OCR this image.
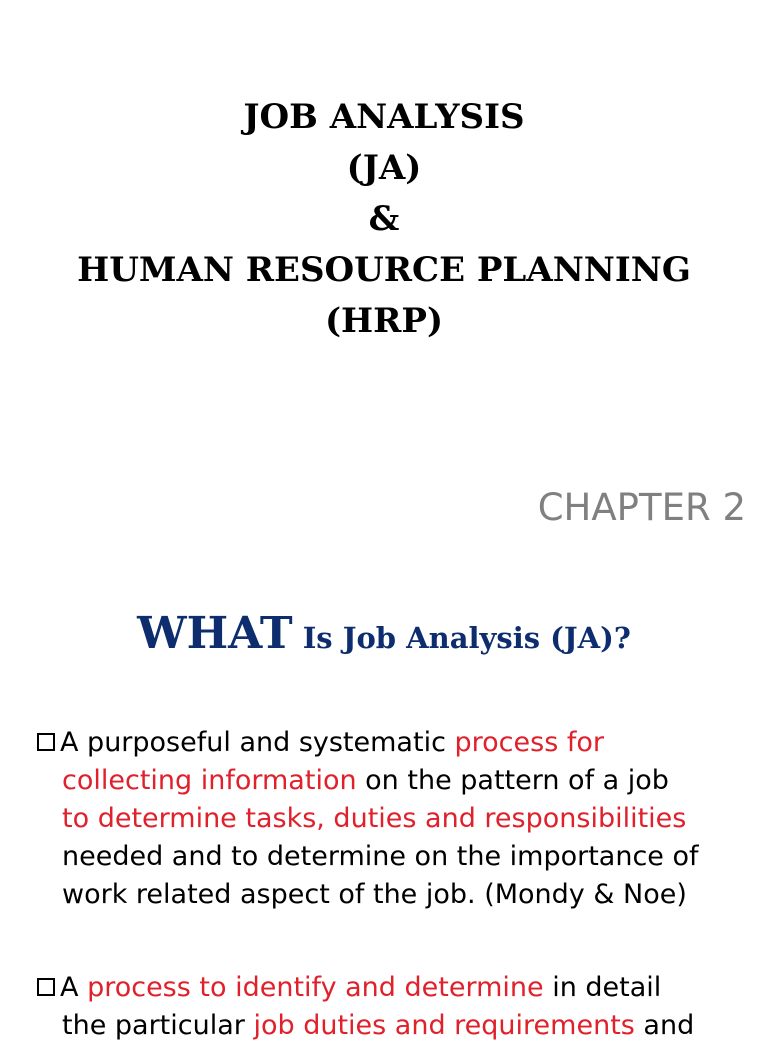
JOB ANALYSIS
(JA)
&
HUMAN RESOURCE PLANNING
(HRP)
CHAPTER 2
WHAT Is Job Analysis (JA)?
A purposeful and systematic process for
collecting information on the pattern of a job
to determine tasks, duties and responsibilities
needed and to determine on the importance of
work related aspect of the job. (Mondy & Noe)
A process to identify and determine in detail
the particular job duties and requirements and
